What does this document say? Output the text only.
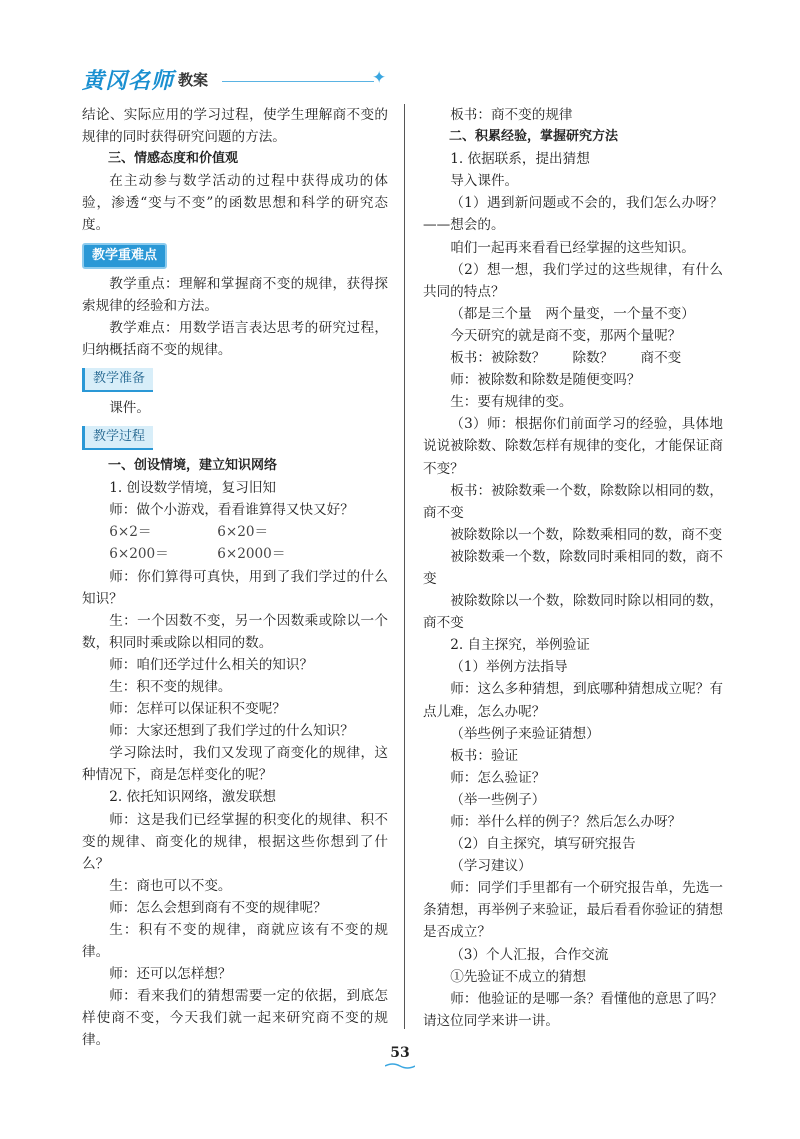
黄冈名师 教案	✦

结论、实际应用的学习过程，使学生理解商不变的规律的同时获得研究问题的方法。

三、情感态度和价值观

在主动参与数学活动的过程中获得成功的体验，渗透“变与不变”的函数思想和科学的研究态度。

教学重难点

教学重点：理解和掌握商不变的规律，获得探索规律的经验和方法。

教学难点：用数学语言表达思考的研究过程，归纳概括商不变的规律。

教学准备

课件。

教学过程

一、创设情境，建立知识网络

1. 创设数学情境，复习旧知

师：做个小游戏，看看谁算得又快又好？

6×2＝	6×20＝
6×200＝	6×2000＝

师：你们算得可真快，用到了我们学过的什么知识？

生：一个因数不变，另一个因数乘或除以一个数，积同时乘或除以相同的数。

师：咱们还学过什么相关的知识？

生：积不变的规律。

师：怎样可以保证积不变呢？

师：大家还想到了我们学过的什么知识？

学习除法时，我们又发现了商变化的规律，这种情况下，商是怎样变化的呢？

2. 依托知识网络，激发联想

师：这是我们已经掌握的积变化的规律、积不变的规律、商变化的规律，根据这些你想到了什么？

生：商也可以不变。

师：怎么会想到商有不变的规律呢？

生：积有不变的规律，商就应该有不变的规律。

师：还可以怎样想？

师：看来我们的猜想需要一定的依据，到底怎样使商不变，今天我们就一起来研究商不变的规律。

板书：商不变的规律

二、积累经验，掌握研究方法

1. 依据联系，提出猜想

导入课件。

（1）遇到新问题或不会的，我们怎么办呀？——想会的。

咱们一起再来看看已经掌握的这些知识。

（2）想一想，我们学过的这些规律，有什么共同的特点？

（都是三个量　两个量变，一个量不变）

今天研究的就是商不变，那两个量呢？

板书：被除数？　　除数？　　商不变

师：被除数和除数是随便变吗？

生：要有规律的变。

（3）师：根据你们前面学习的经验，具体地说说被除数、除数怎样有规律的变化，才能保证商不变？

板书：被除数乘一个数，除数除以相同的数，商不变

被除数除以一个数，除数乘相同的数，商不变

被除数乘一个数，除数同时乘相同的数，商不变

被除数除以一个数，除数同时除以相同的数，商不变

2. 自主探究，举例验证

（1）举例方法指导

师：这么多种猜想，到底哪种猜想成立呢？有点儿难，怎么办呢？

（举些例子来验证猜想）

板书：验证

师：怎么验证？

（举一些例子）

师：举什么样的例子？然后怎么办呀？

（2）自主探究，填写研究报告

（学习建议）

师：同学们手里都有一个研究报告单，先选一条猜想，再举例子来验证，最后看看你验证的猜想是否成立？

（3）个人汇报，合作交流

①先验证不成立的猜想

师：他验证的是哪一条？看懂他的意思了吗？请这位同学来讲一讲。

53
